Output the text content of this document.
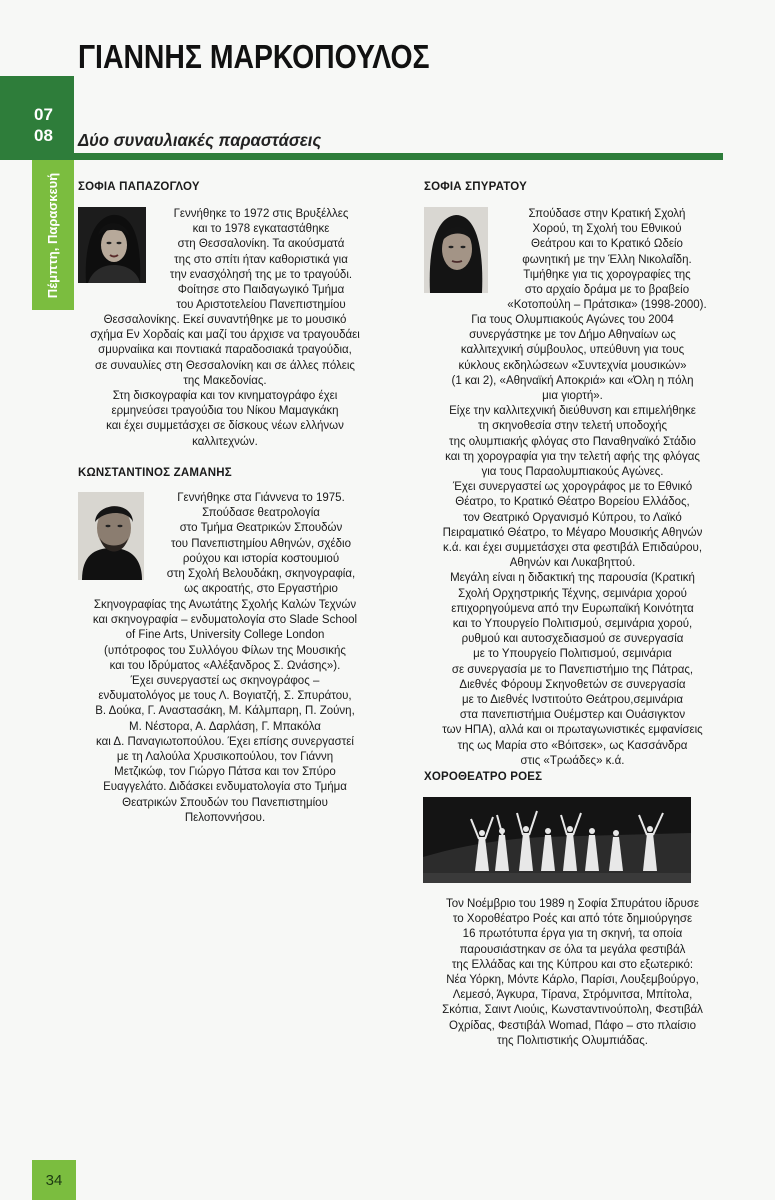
ΓΙΑΝΝΗΣ ΜΑΡΚΟΠΟΥΛΟΣ
07
08 Δύο συναυλιακές παραστάσεις
Πέμπτη, Παρασκευή ΣΟΦΙΑ ΠΑΠΑΖΟΓΛΟΥ

Γεννήθηκε το 1972 στις Βρυξέλλες
και το 1978 εγκαταστάθηκε
στη Θεσσαλονίκη. Τα ακούσματά
της στο σπίτι ήταν καθοριστικά για
την ενασχόλησή της με το τραγούδι.
Φοίτησε στο Παιδαγωγικό Τμήμα
του Αριστοτελείου Πανεπιστημίου

Θεσσαλονίκης. Εκεί συναντήθηκε με το μουσικό
σχήμα Εν Χορδαίς και μαζί του άρχισε να τραγουδάει
σμυρναίικα και ποντιακά παραδοσιακά τραγούδια,
σε συναυλίες στη Θεσσαλονίκη και σε άλλες πόλεις
της Μακεδονίας.
Στη δισκογραφία και τον κινηματογράφο έχει
ερμηνεύσει τραγούδια του Νίκου Μαμαγκάκη
και έχει συμμετάσχει σε δίσκους νέων ελλήνων
καλλιτεχνών.

ΚΩΝΣΤΑΝΤΙΝΟΣ ΖΑΜΑΝΗΣ

Γεννήθηκε στα Γιάννενα το 1975.
Σπούδασε θεατρολογία
στο Τμήμα Θεατρικών Σπουδών
του Πανεπιστημίου Αθηνών, σχέδιο
ρούχου και ιστορία κοστουμιού
στη Σχολή Βελουδάκη, σκηνογραφία,
ως ακροατής, στο Εργαστήριο

Σκηνογραφίας της Ανωτάτης Σχολής Καλών Τεχνών
και σκηνογραφία – ενδυματολογία στο Slade School
of Fine Arts, University College London
(υπότροφος του Συλλόγου Φίλων της Μουσικής
και του Ιδρύματος «Αλέξανδρος Σ. Ωνάσης»).
Έχει συνεργαστεί ως σκηνογράφος –
ενδυματολόγος με τους Λ. Βογιατζή, Σ. Σπυράτου,
Β. Δούκα, Γ. Αναστασάκη, Μ. Κάλμπαρη, Π. Ζούνη,
Μ. Νέστορα, Α. Δαρλάση, Γ. Μπακόλα
και Δ. Παναγιωτοπούλου. Έχει επίσης συνεργαστεί
με τη Λαλούλα Χρυσικοπούλου, τον Γιάννη
Μετζικώφ, τον Γιώργο Πάτσα και τον Σπύρο
Ευαγγελάτο. Διδάσκει ενδυματολογία στο Τμήμα
Θεατρικών Σπουδών του Πανεπιστημίου
Πελοποννήσου.

ΣΟΦΙΑ ΣΠΥΡΑΤΟΥ

Σπούδασε στην Κρατική Σχολή
Χορού, τη Σχολή του Εθνικού
Θεάτρου και το Κρατικό Ωδείο
φωνητική με την Έλλη Νικολαΐδη.
Τιμήθηκε για τις χορογραφίες της
στο αρχαίο δράμα με το βραβείο
«Κοτοπούλη – Πράτσικα» (1998-2000).

Για τους Ολυμπιακούς Αγώνες του 2004
συνεργάστηκε με τον Δήμο Αθηναίων ως
καλλιτεχνική σύμβουλος, υπεύθυνη για τους
κύκλους εκδηλώσεων «Συντεχνία μουσικών»
(1 και 2), «Αθηναϊκή Αποκριά» και «Όλη η πόλη
μια γιορτή».
Είχε την καλλιτεχνική διεύθυνση και επιμελήθηκε
τη σκηνοθεσία στην τελετή υποδοχής
της ολυμπιακής φλόγας στο Παναθηναϊκό Στάδιο
και τη χορογραφία για την τελετή αφής της φλόγας
για τους Παραολυμπιακούς Αγώνες.
Έχει συνεργαστεί ως χορογράφος με το Εθνικό
Θέατρο, το Κρατικό Θέατρο Βορείου Ελλάδος,
τον Θεατρικό Οργανισμό Κύπρου, το Λαϊκό
Πειραματικό Θέατρο, το Μέγαρο Μουσικής Αθηνών
κ.ά. και έχει συμμετάσχει στα φεστιβάλ Επιδαύρου,
Αθηνών και Λυκαβηττού.
Μεγάλη είναι η διδακτική της παρουσία (Κρατική
Σχολή Ορχηστρικής Τέχνης, σεμινάρια χορού
επιχορηγούμενα από την Ευρωπαϊκή Κοινότητα
και το Υπουργείο Πολιτισμού, σεμινάρια χορού,
ρυθμού και αυτοσχεδιασμού σε συνεργασία
με το Υπουργείο Πολιτισμού, σεμινάρια
σε συνεργασία με το Πανεπιστήμιο της Πάτρας,
Διεθνές Φόρουμ Σκηνοθετών σε συνεργασία
με το Διεθνές Ινστιτούτο Θεάτρου,σεμινάρια
στα πανεπιστήμια Ουέμστερ και Ουάσιγκτον
των ΗΠΑ), αλλά και οι πρωταγωνιστικές εμφανίσεις
της ως Μαρία στο «Βόιτσεκ», ως Κασσάνδρα
στις «Τρωάδες» κ.ά.

ΧΟΡΟΘΕΑΤΡΟ ΡΟΕΣ

Τον Νοέμβριο του 1989 η Σοφία Σπυράτου ίδρυσε
το Χοροθέατρο Ροές και από τότε δημιούργησε
16 πρωτότυπα έργα για τη σκηνή, τα οποία
παρουσιάστηκαν σε όλα τα μεγάλα φεστιβάλ
της Ελλάδας και της Κύπρου και στο εξωτερικό:
Νέα Υόρκη, Μόντε Κάρλο, Παρίσι, Λουξεμβούργο,
Λεμεσό, Άγκυρα, Τίρανα, Στρόμνιτσα, Μπίτολα,
Σκόπια, Σαιντ Λιούις, Κωνσταντινούπολη, Φεστιβάλ
Οχρίδας, Φεστιβάλ Womad, Πάφο – στο πλαίσιο
της Πολιτιστικής Ολυμπιάδας.

34
